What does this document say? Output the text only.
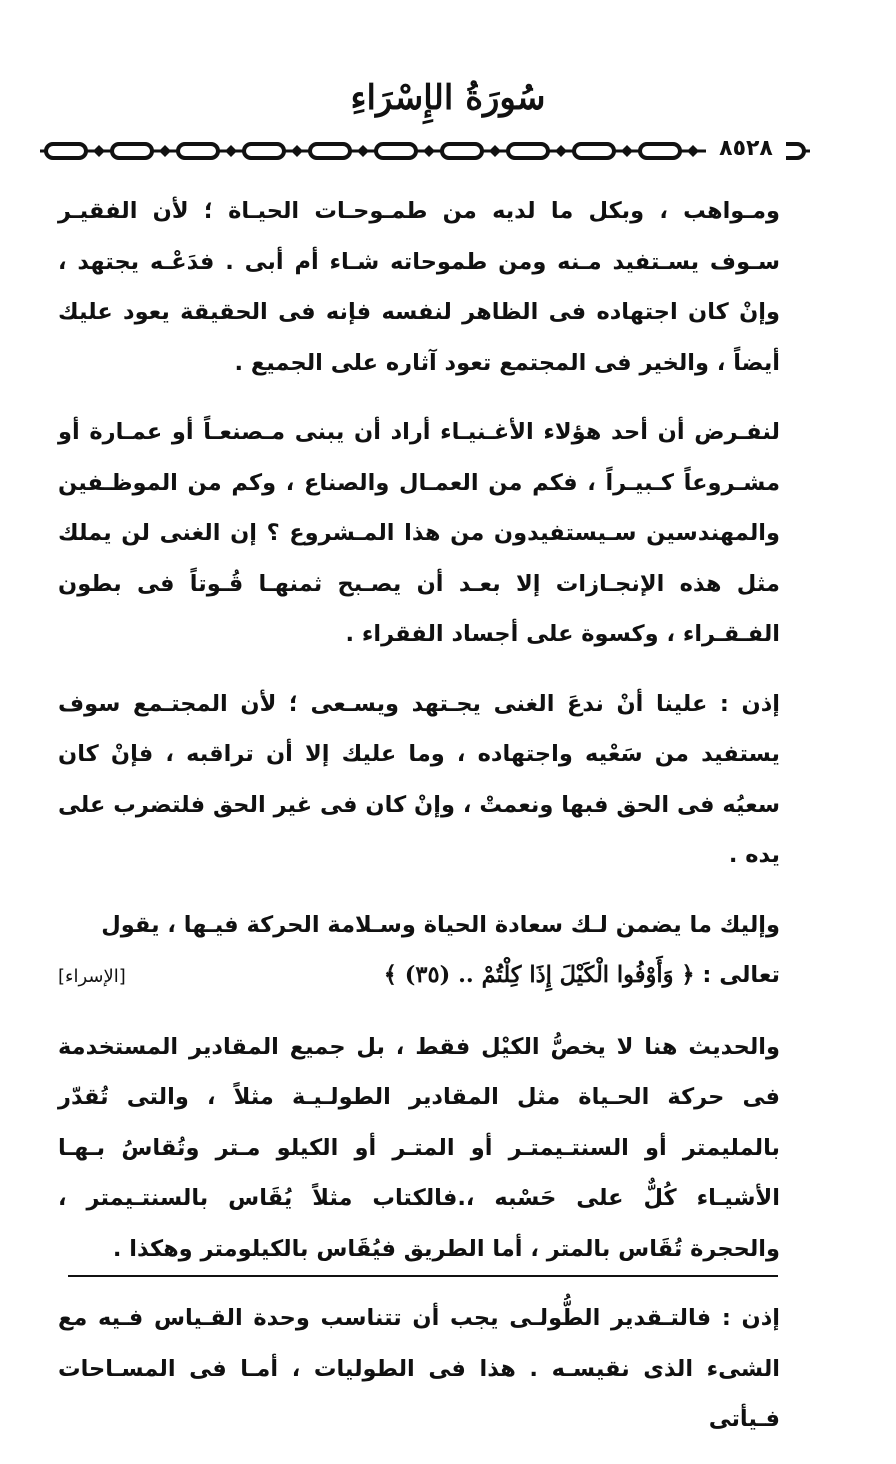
سُورَةُ الإِسْرَاءِ
٨٥٢٨

ومـواهب ، وبكل ما لديه من طمـوحـات الحيـاة ؛ لأن الفقيـر سـوف يسـتفيد مـنه ومن طموحاته شـاء أم أبى . فدَعْـه يجتهد ، وإنْ كان اجتهاده فى الظاهر لنفسه فإنه فى الحقيقة يعود عليك أيضاً ، والخير فى المجتمع تعود آثاره على الجميع .

لنفـرض أن أحد هؤلاء الأغـنيـاء أراد أن يبنى مـصنعـاً أو عمـارة أو مشـروعاً كـبيـراً ، فكم من العمـال والصناع ، وكم من الموظـفين والمهندسين سـيستفيدون من هذا المـشروع ؟ إن الغنى لن يملك مثل هذه الإنجـازات إلا بعـد أن يصـبح ثمنهـا قُـوتاً فى بطون الفـقـراء ، وكسوة على أجساد الفقراء .

إذن : علينا أنْ ندعَ الغنى يجـتهد ويسـعى ؛ لأن المجتـمع سوف يستفيد من سَعْيه واجتهاده ، وما عليك إلا أن تراقبه ، فإنْ كان سعيُه فى الحق فبها ونعمتْ ، وإنْ كان فى غير الحق فلتضرب على يده .

وإليك ما يضمن لـك سعادة الحياة وسـلامة الحركة فيـها ، يقول

تعالى : ﴿ وَأَوْفُوا الْكَيْلَ إِذَا كِلْتُمْ .. (٣٥) ﴾
[الإسراء]

والحديث هنا لا يخصُّ الكيْل فقط ، بل جميع المقادير المستخدمة فى حركة الحـياة مثل المقادير الطولـيـة مثلاً ، والتى تُقدّر بالمليمتر أو السنتـيمتـر أو المتـر أو الكيلو مـتر وتُقاسُ بـهـا الأشيـاء كُلٌّ على حَسْبه ،.فالكتاب مثلاً يُقَاس بالسنتـيمتر ، والحجرة تُقَاس بالمتر ، أما الطريق فيُقَاس بالكيلومتر وهكذا .

إذن : فالتـقدير الطُّولـى يجب أن تتناسب وحدة القـياس فـيه مع الشىء الذى نقيسـه . هذا فى الطوليات ، أمـا فى المسـاحات فـيأتى
